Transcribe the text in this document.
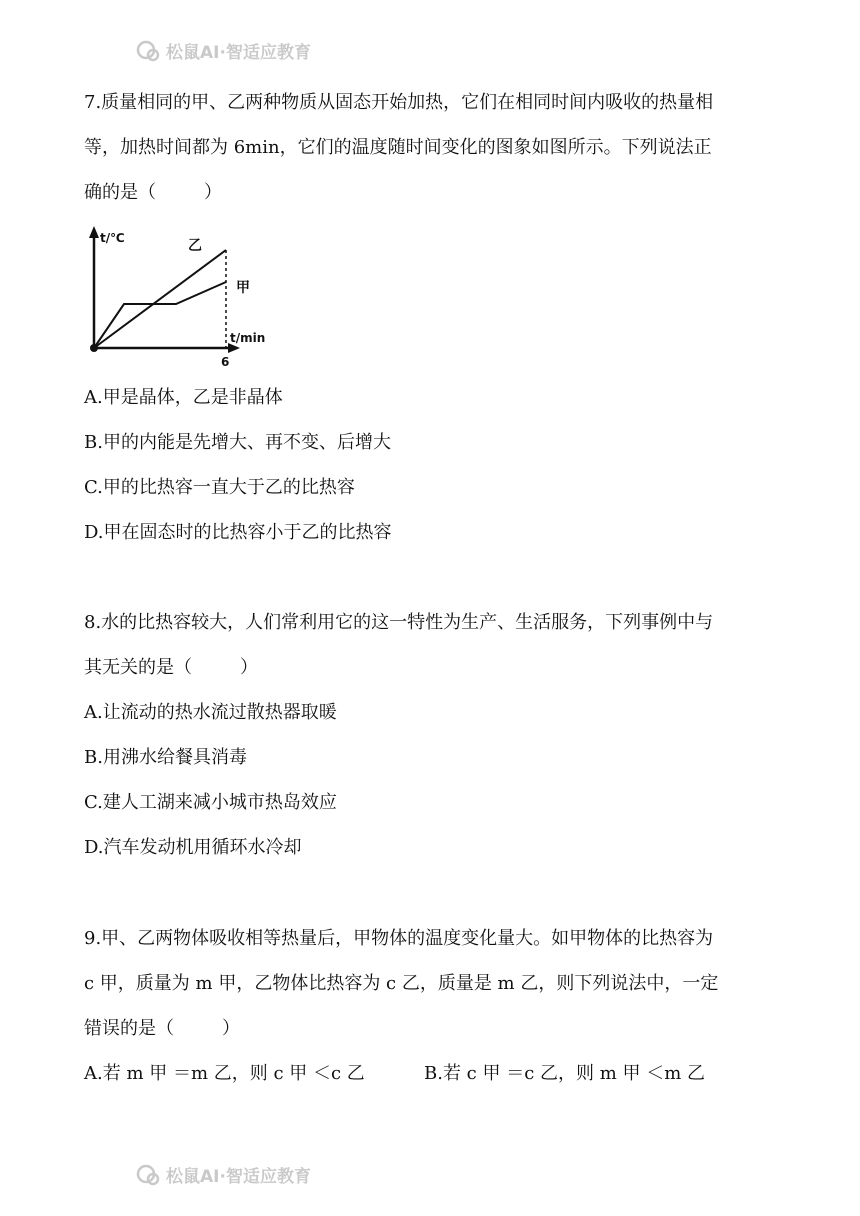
松鼠AI·智适应教育
7.质量相同的甲、乙两种物质从固态开始加热，它们在相同时间内吸收的热量相
等，加热时间都为 6min，它们的温度随时间变化的图象如图所示。下列说法正
确的是（	）
t/℃	乙
甲
t/min
6
A.甲是晶体，乙是非晶体
B.甲的内能是先增大、再不变、后增大
C.甲的比热容一直大于乙的比热容
D.甲在固态时的比热容小于乙的比热容
8.水的比热容较大，人们常利用它的这一特性为生产、生活服务，下列事例中与
其无关的是（	）
A.让流动的热水流过散热器取暖
B.用沸水给餐具消毒
C.建人工湖来减小城市热岛效应
D.汽车发动机用循环水冷却
9.甲、乙两物体吸收相等热量后，甲物体的温度变化量大。如甲物体的比热容为
c 甲，质量为 m 甲，乙物体比热容为 c 乙，质量是 m 乙，则下列说法中，一定
错误的是（	）
A.若 m 甲 ＝m 乙，则 c 甲 ＜c 乙	B.若 c 甲 ＝c 乙，则 m 甲 ＜m 乙
松鼠AI·智适应教育
